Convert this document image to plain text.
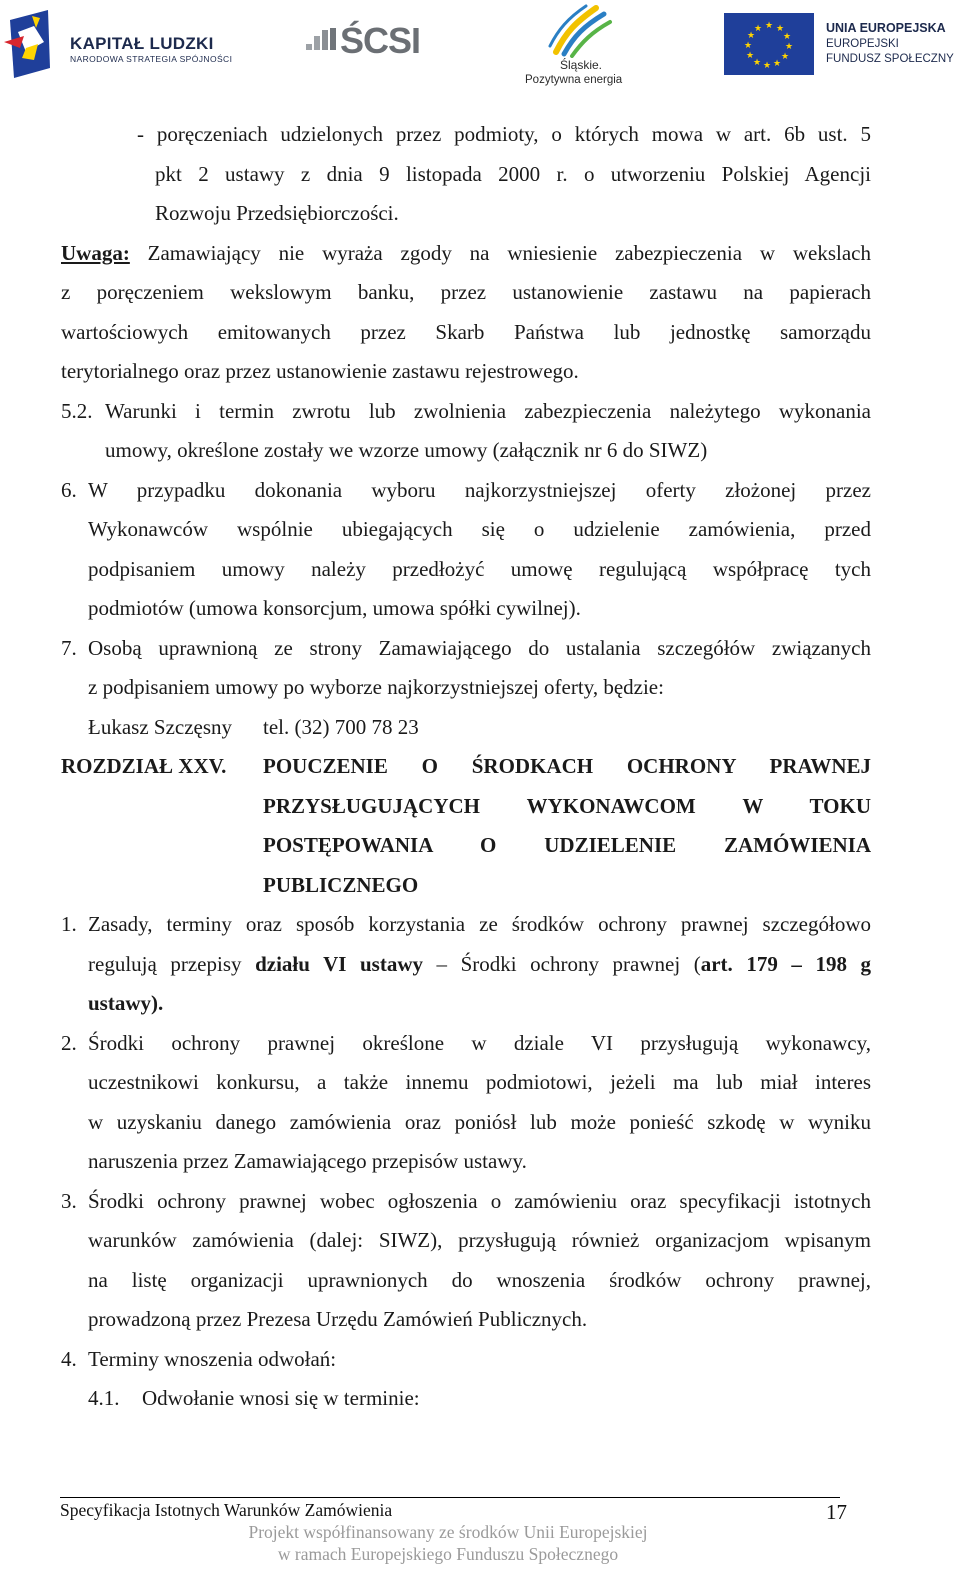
KAPITAŁ LUDZKI
NARODOWA STRATEGIA SPÓJNOŚCI	ŚCSI
Śląskie.
Pozytywna energia
★ ★
★
★
★
★
★
★
★
★
★
★	UNIA EUROPEJSKA
EUROPEJSKI
FUNDUSZ SPOŁECZNY
- poręczeniach udzielonych przez podmioty, o których mowa w art. 6b ust. 5
pkt 2 ustawy z dnia 9 listopada 2000 r. o utworzeniu Polskiej Agencji
Rozwoju Przedsiębiorczości.
Uwaga: Zamawiający nie wyraża zgody na wniesienie zabezpieczenia w wekslach
z poręczeniem wekslowym banku, przez ustanowienie zastawu na papierach
wartościowych emitowanych przez Skarb Państwa lub jednostkę samorządu
terytorialnego oraz przez ustanowienie zastawu rejestrowego.
5.2. Warunki i termin zwrotu lub zwolnienia zabezpieczenia należytego wykonania
umowy, określone zostały we wzorze umowy (załącznik nr 6 do SIWZ)
6. W przypadku dokonania wyboru najkorzystniejszej oferty złożonej przez
Wykonawców wspólnie ubiegających się o udzielenie zamówienia, przed
podpisaniem umowy należy przedłożyć umowę regulującą współpracę tych
podmiotów (umowa konsorcjum, umowa spółki cywilnej).
7. Osobą uprawnioną ze strony Zamawiającego do ustalania szczegółów związanych
z podpisaniem umowy po wyborze najkorzystniejszej oferty, będzie:
Łukasz Szczęsny tel. (32) 700 78 23
ROZDZIAŁ XXV. POUCZENIE O ŚRODKACH OCHRONY PRAWNEJ
PRZYSŁUGUJĄCYCH WYKONAWCOM W TOKU
POSTĘPOWANIA O UDZIELENIE ZAMÓWIENIA
PUBLICZNEGO
1. Zasady, terminy oraz sposób korzystania ze środków ochrony prawnej szczegółowo
regulują przepisy działu VI ustawy – Środki ochrony prawnej (art. 179 – 198 g
ustawy).
2. Środki ochrony prawnej określone w dziale VI przysługują wykonawcy,
uczestnikowi konkursu, a także innemu podmiotowi, jeżeli ma lub miał interes
w uzyskaniu danego zamówienia oraz poniósł lub może ponieść szkodę w wyniku
naruszenia przez Zamawiającego przepisów ustawy.
3. Środki ochrony prawnej wobec ogłoszenia o zamówieniu oraz specyfikacji istotnych
warunków zamówienia (dalej: SIWZ), przysługują również organizacjom wpisanym
na listę organizacji uprawnionych do wnoszenia środków ochrony prawnej,
prowadzoną przez Prezesa Urzędu Zamówień Publicznych.
4. Terminy wnoszenia odwołań:
4.1. Odwołanie wnosi się w terminie:
Specyfikacja Istotnych Warunków Zamówienia	17
Projekt współfinansowany ze środków Unii Europejskiej
w ramach Europejskiego Funduszu Społecznego
